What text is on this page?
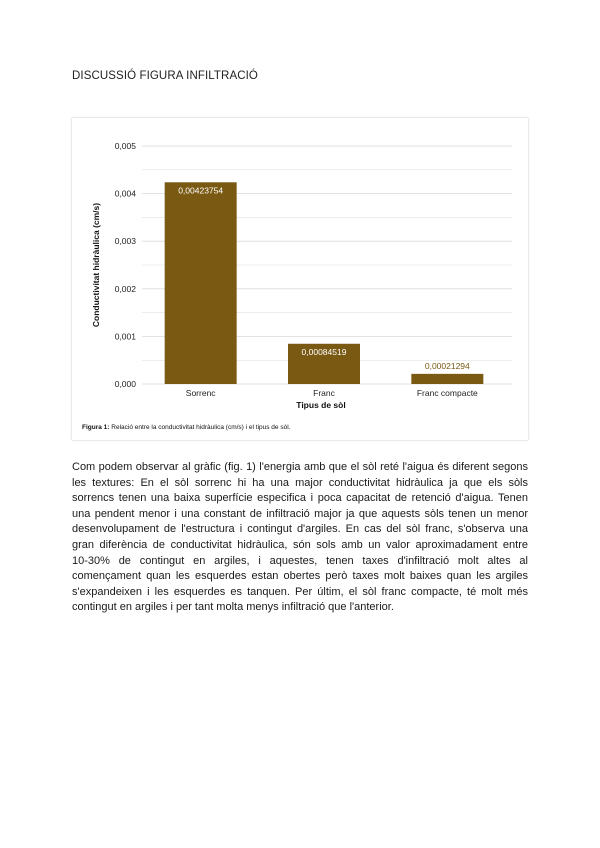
DISCUSSIÓ FIGURA INFILTRACIÓ
0,000
0,001
0,002
0,003
0,004
0,005
Conductivitat hidràulica (cm/s)
0,00423754
Sorrenc
0,00084519
Franc
0,00021294
Franc compacte
Tipus de sòl
Figura 1: Relació entre la conductivitat hidràulica (cm/s) i el tipus de sòl.
Com podem observar al gràfic (fig. 1) l'energia amb que el sòl reté l'aigua és diferent segons
les textures: En el sòl sorrenc hi ha una major conductivitat hidràulica ja que els sòls
sorrencs tenen una baixa superfície especifica i poca capacitat de retenció d'aigua. Tenen
una pendent menor i una constant de infiltració major ja que aquests sòls tenen un menor
desenvolupament de l'estructura i contingut d'argiles. En cas del sòl franc, s'observa una
gran diferència de conductivitat hidràulica, són sols amb un valor aproximadament entre
10-30% de contingut en argiles, i aquestes, tenen taxes d'infiltració molt altes al
començament quan les esquerdes estan obertes però taxes molt baixes quan les argiles
s'expandeixen i les esquerdes es tanquen. Per últim, el sòl franc compacte, té molt més
contingut en argiles i per tant molta menys infiltració que l'anterior.
